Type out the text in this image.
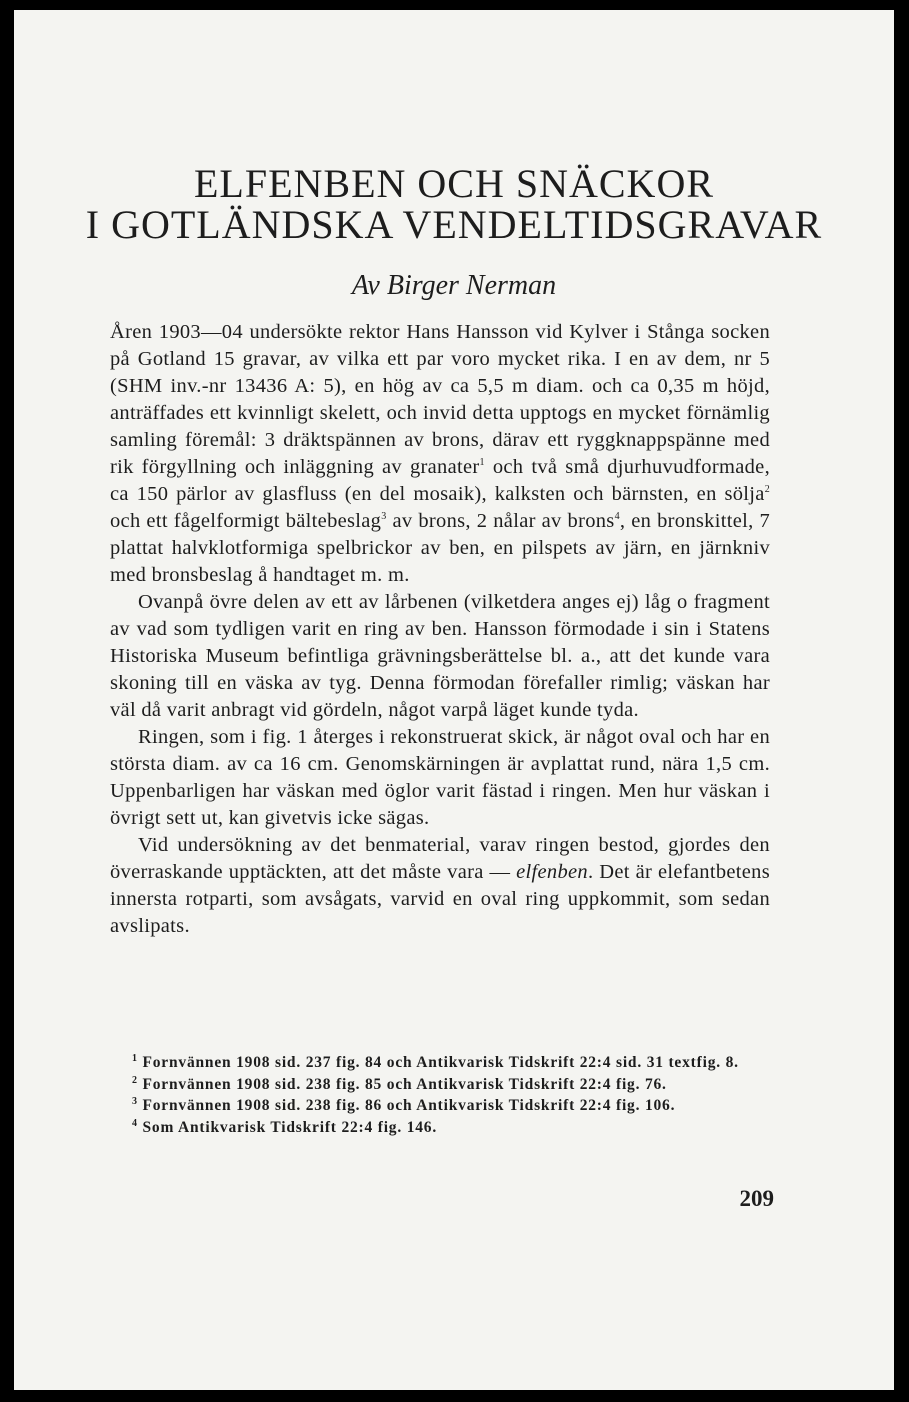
ELFENBEN OCH SNÄCKOR
I GOTLÄNDSKA VENDELTIDSGRAVAR
Av Birger Nerman

Åren 1903—04 undersökte rektor Hans Hansson vid Kylver i Stånga socken på Gotland 15 gravar, av vilka ett par voro mycket rika. I en av dem, nr 5 (SHM inv.-nr 13436 A: 5), en hög av ca 5,5 m diam. och ca 0,35 m höjd, anträffades ett kvinnligt skelett, och invid detta upptogs en mycket förnämlig samling föremål: 3 dräktspännen av brons, därav ett ryggknappspänne med rik förgyllning och inläggning av granater$^1$ och två små djurhuvudformade, ca 150 pärlor av glasfluss (en del mosaik), kalksten och bärnsten, en sölja$^2$ och ett fågelformigt bältebeslag$^3$ av brons, 2 nålar av brons$^4$, en bronskittel, 7 plattat halvklotformiga spelbrickor av ben, en pilspets av järn, en järnkniv med bronsbeslag å handtaget m. m.

Ovanpå övre delen av ett av lårbenen (vilketdera anges ej) låg o fragment av vad som tydligen varit en ring av ben. Hansson förmodade i sin i Statens Historiska Museum befintliga grävningsberättelse bl. a., att det kunde vara skoning till en väska av tyg. Denna förmodan förefaller rimlig; väskan har väl då varit anbragt vid gördeln, något varpå läget kunde tyda.

Ringen, som i fig. 1 återges i rekonstruerat skick, är något oval och har en största diam. av ca 16 cm. Genomskärningen är avplattat rund, nära 1,5 cm. Uppenbarligen har väskan med öglor varit fästad i ringen. Men hur väskan i övrigt sett ut, kan givetvis icke sägas.

Vid undersökning av det benmaterial, varav ringen bestod, gjordes den överraskande upptäckten, att det måste vara — elfenben. Det är elefantbetens innersta rotparti, som avsågats, varvid en oval ring uppkommit, som sedan avslipats.

$^1$ Fornvännen 1908 sid. 237 fig. 84 och Antikvarisk Tidskrift 22:4 sid. 31 textfig. 8.

$^2$ Fornvännen 1908 sid. 238 fig. 85 och Antikvarisk Tidskrift 22:4 fig. 76.

$^3$ Fornvännen 1908 sid. 238 fig. 86 och Antikvarisk Tidskrift 22:4 fig. 106.

$^4$ Som Antikvarisk Tidskrift 22:4 fig. 146.

209
